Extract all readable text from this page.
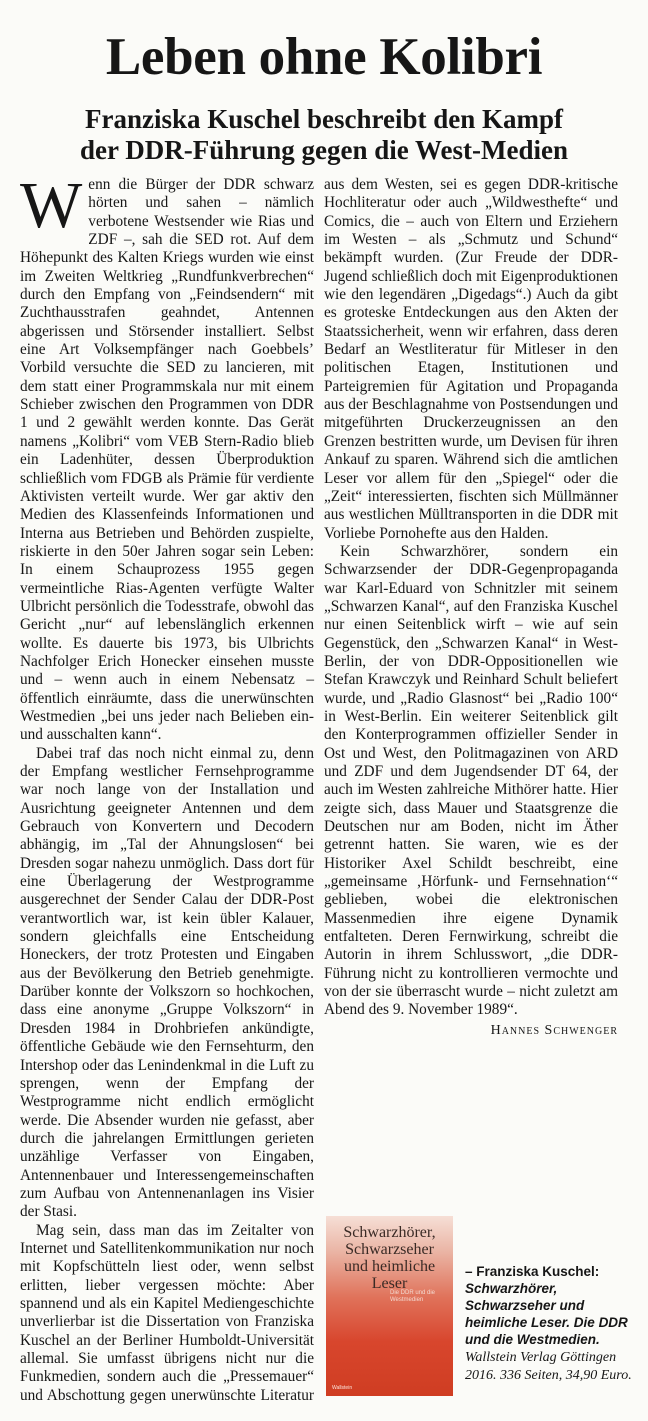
Leben ohne Kolibri
Franziska Kuschel beschreibt den Kampf
der DDR-Führung gegen die West-Medien

Wenn die Bürger der DDR schwarz hörten und sahen – nämlich verbotene Westsender wie Rias und ZDF –, sah die SED rot. Auf dem Höhepunkt des Kalten Kriegs wurden wie einst im Zweiten Weltkrieg „Rundfunkverbrechen“ durch den Empfang von „Feindsendern“ mit Zuchthausstrafen geahndet, Antennen abgerissen und Störsender installiert. Selbst eine Art Volksempfänger nach Goebbels’ Vorbild versuchte die SED zu lancieren, mit dem statt einer Programmskala nur mit einem Schieber zwischen den Programmen von DDR 1 und 2 gewählt werden konnte. Das Gerät namens „Kolibri“ vom VEB Stern-Radio blieb ein Ladenhüter, dessen Überproduktion schließlich vom FDGB als Prämie für verdiente Aktivisten verteilt wurde. Wer gar aktiv den Medien des Klassenfeinds Informationen und Interna aus Betrieben und Behörden zuspielte, riskierte in den 50er Jahren sogar sein Leben: In einem Schauprozess 1955 gegen vermeintliche Rias-Agenten verfügte Walter Ulbricht persönlich die Todesstrafe, obwohl das Gericht „nur“ auf lebenslänglich erkennen wollte. Es dauerte bis 1973, bis Ulbrichts Nachfolger Erich Honecker einsehen musste und – wenn auch in einem Nebensatz – öffentlich einräumte, dass die unerwünschten Westmedien „bei uns jeder nach Belieben ein- und ausschalten kann“.

Dabei traf das noch nicht einmal zu, denn der Empfang westlicher Fernsehprogramme war noch lange von der Installation und Ausrichtung geeigneter Antennen und dem Gebrauch von Konvertern und Decodern abhängig, im „Tal der Ahnungslosen“ bei Dresden sogar nahezu unmöglich. Dass dort für eine Überlagerung der Westprogramme ausgerechnet der Sender Calau der DDR-Post verantwortlich war, ist kein übler Kalauer, sondern gleichfalls eine Entscheidung Honeckers, der trotz Protesten und Eingaben aus der Bevölkerung den Betrieb genehmigte. Darüber konnte der Volkszorn so hochkochen, dass eine anonyme „Gruppe Volkszorn“ in Dresden 1984 in Drohbriefen ankündigte, öffentliche Gebäude wie den Fernsehturm, den Intershop oder das Lenindenkmal in die Luft zu sprengen, wenn der Empfang der Westprogramme nicht endlich ermöglicht werde. Die Absender wurden nie gefasst, aber durch die jahrelangen Ermittlungen gerieten unzählige Verfasser von Eingaben, Antennenbauer und Interessengemeinschaften zum Aufbau von Antennenanlagen ins Visier der Stasi.

Mag sein, dass man das im Zeitalter von Internet und Satellitenkommunikation nur noch mit Kopfschütteln liest oder, wenn selbst erlitten, lieber vergessen möchte: Aber spannend und als ein Kapitel Mediengeschichte unverlierbar ist die Dissertation von Franziska Kuschel an der Berliner Humboldt-Universität allemal. Sie umfasst übrigens nicht nur die Funkmedien, sondern auch die „Pressemauer“ und Abschottung gegen unerwünschte Literatur

aus dem Westen, sei es gegen DDR-kritische Hochliteratur oder auch „Wildwesthefte“ und Comics, die – auch von Eltern und Erziehern im Westen – als „Schmutz und Schund“ bekämpft wurden. (Zur Freude der DDR-Jugend schließlich doch mit Eigenproduktionen wie den legendären „Digedags“.) Auch da gibt es groteske Entdeckungen aus den Akten der Staatssicherheit, wenn wir erfahren, dass deren Bedarf an Westliteratur für Mitleser in den politischen Etagen, Institutionen und Parteigremien für Agitation und Propaganda aus der Beschlagnahme von Postsendungen und mitgeführten Druckerzeugnissen an den Grenzen bestritten wurde, um Devisen für ihren Ankauf zu sparen. Während sich die amtlichen Leser vor allem für den „Spiegel“ oder die „Zeit“ interessierten, fischten sich Müllmänner aus westlichen Mülltransporten in die DDR mit Vorliebe Pornohefte aus den Halden.

Kein Schwarzhörer, sondern ein Schwarzsender der DDR-Gegenpropaganda war Karl-Eduard von Schnitzler mit seinem „Schwarzen Kanal“, auf den Franziska Kuschel nur einen Seitenblick wirft – wie auf sein Gegenstück, den „Schwarzen Kanal“ in West-Berlin, der von DDR-Oppositionellen wie Stefan Krawczyk und Reinhard Schult beliefert wurde, und „Radio Glasnost“ bei „Radio 100“ in West-Berlin. Ein weiterer Seitenblick gilt den Konterprogrammen offizieller Sender in Ost und West, den Politmagazinen von ARD und ZDF und dem Jugendsender DT 64, der auch im Westen zahlreiche Mithörer hatte. Hier zeigte sich, dass Mauer und Staatsgrenze die Deutschen nur am Boden, nicht im Äther getrennt hatten. Sie waren, wie es der Historiker Axel Schildt beschreibt, eine „gemeinsame ‚Hörfunk- und Fernsehnation‘“ geblieben, wobei die elektronischen Massenmedien ihre eigene Dynamik entfalteten. Deren Fernwirkung, schreibt die Autorin in ihrem Schlusswort, „die DDR-Führung nicht zu kontrollieren vermochte und von der sie überrascht wurde – nicht zuletzt am Abend des 9. November 1989“.

Hannes Schwenger
Schwarzhörer,
Schwarzseher
und heimliche
Leser
Die DDR und die Westmedien
Wallstein
– Franziska Kuschel: Schwarzhörer, Schwarzseher und heimliche Leser. Die DDR und die Westmedien. Wallstein Verlag Göttingen 2016. 336 Seiten, 34,90 Euro.
